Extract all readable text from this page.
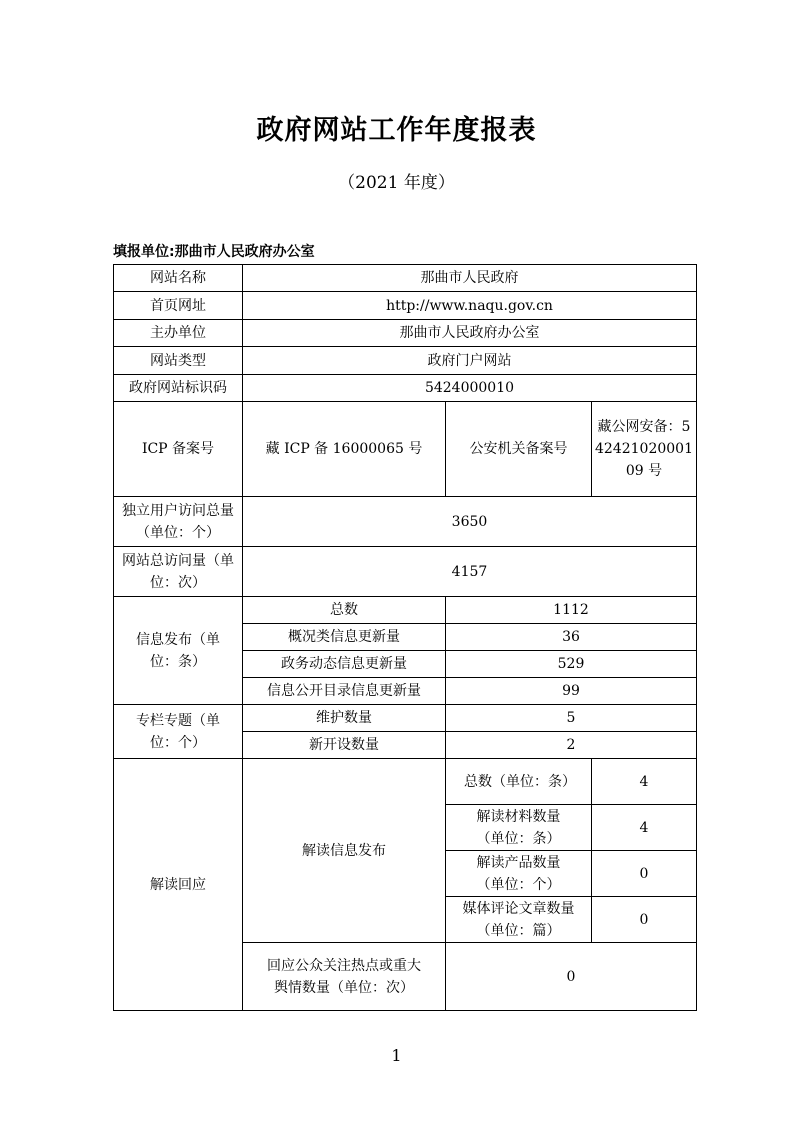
政府网站工作年度报表
（2021 年度）
填报单位:那曲市人民政府办公室
网站名称	那曲市人民政府		
首页网址	http://www.naqu.gov.cn		
主办单位	那曲市人民政府办公室		
网站类型	政府门户网站		
政府网站标识码	5424000010		
ICP 备案号	藏 ICP 备 16000065 号	公安机关备案号	藏公网安备：54242102000109 号
独立用户访问总量（单位：个）	3650		
网站总访问量（单位：次）	4157		
信息发布（单位：条）	总数	1112	
	概况类信息更新量	36	
	政务动态信息更新量	529	
	信息公开目录信息更新量	99	
专栏专题（单位：个）	维护数量	5	
	新开设数量	2	
解读回应	解读信息发布	总数（单位：条）	4
		解读材料数量（单位：条）	4
		解读产品数量（单位：个）	0
		媒体评论文章数量（单位：篇）	0
	回应公众关注热点或重大舆情数量（单位：次）	0	
1
